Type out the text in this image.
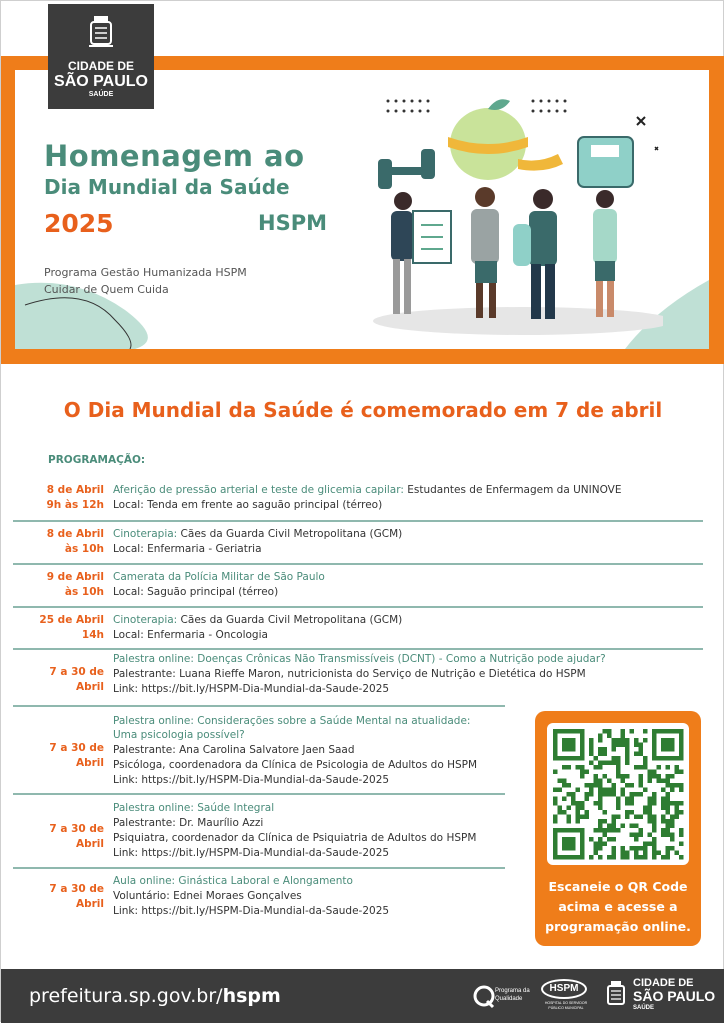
CIDADE DE
SÃO PAULO
SAÚDE
Homenagem ao
Dia Mundial da Saúde
2025	HSPM
Programa Gestão Humanizada HSPM
Cuidar de Quem Cuida
O Dia Mundial da Saúde é comemorado em 7 de abril
PROGRAMAÇÃO:
8 de Abril
9h às 12h
Aferição de pressão arterial e teste de glicemia capilar: Estudantes de Enfermagem da UNINOVE
Local: Tenda em frente ao saguão principal (térreo)
8 de Abril
às 10h
Cinoterapia: Cães da Guarda Civil Metropolitana (GCM)
Local: Enfermaria - Geriatria
9 de Abril
às 10h
Camerata da Polícia Militar de São Paulo
Local: Saguão principal (térreo)
25 de Abril
14h
Cinoterapia: Cães da Guarda Civil Metropolitana (GCM)
Local: Enfermaria - Oncologia
7 a 30 de Abril
Palestra online: Doenças Crônicas Não Transmissíveis (DCNT) - Como a Nutrição pode ajudar?
Palestrante: Luana Rieffe Maron, nutricionista do Serviço de Nutrição e Dietética do HSPM
Link: https://bit.ly/HSPM-Dia-Mundial-da-Saude-2025
7 a 30 de Abril
Palestra online: Considerações sobre a Saúde Mental na atualidade:
Uma psicologia possível?
Palestrante: Ana Carolina Salvatore Jaen Saad
Psicóloga, coordenadora da Clínica de Psicologia de Adultos do HSPM
Link: https://bit.ly/HSPM-Dia-Mundial-da-Saude-2025
7 a 30 de Abril
Palestra online: Saúde Integral
Palestrante: Dr. Maurílio Azzi
Psiquiatra, coordenador da Clínica de Psiquiatria de Adultos do HSPM
Link: https://bit.ly/HSPM-Dia-Mundial-da-Saude-2025
7 a 30 de Abril
Aula online: Ginástica Laboral e Alongamento
Voluntário: Ednei Moraes Gonçalves
Link: https://bit.ly/HSPM-Dia-Mundial-da-Saude-2025
Escaneie o QR Code
acima e acesse a
programação online.
prefeitura.sp.gov.br/hspm	Programa da Qualidade
HSPM
HOSPITAL DO SERVIDOR PÚBLICO MUNICIPAL
CIDADE DE
SÃO PAULO
SAÚDE
